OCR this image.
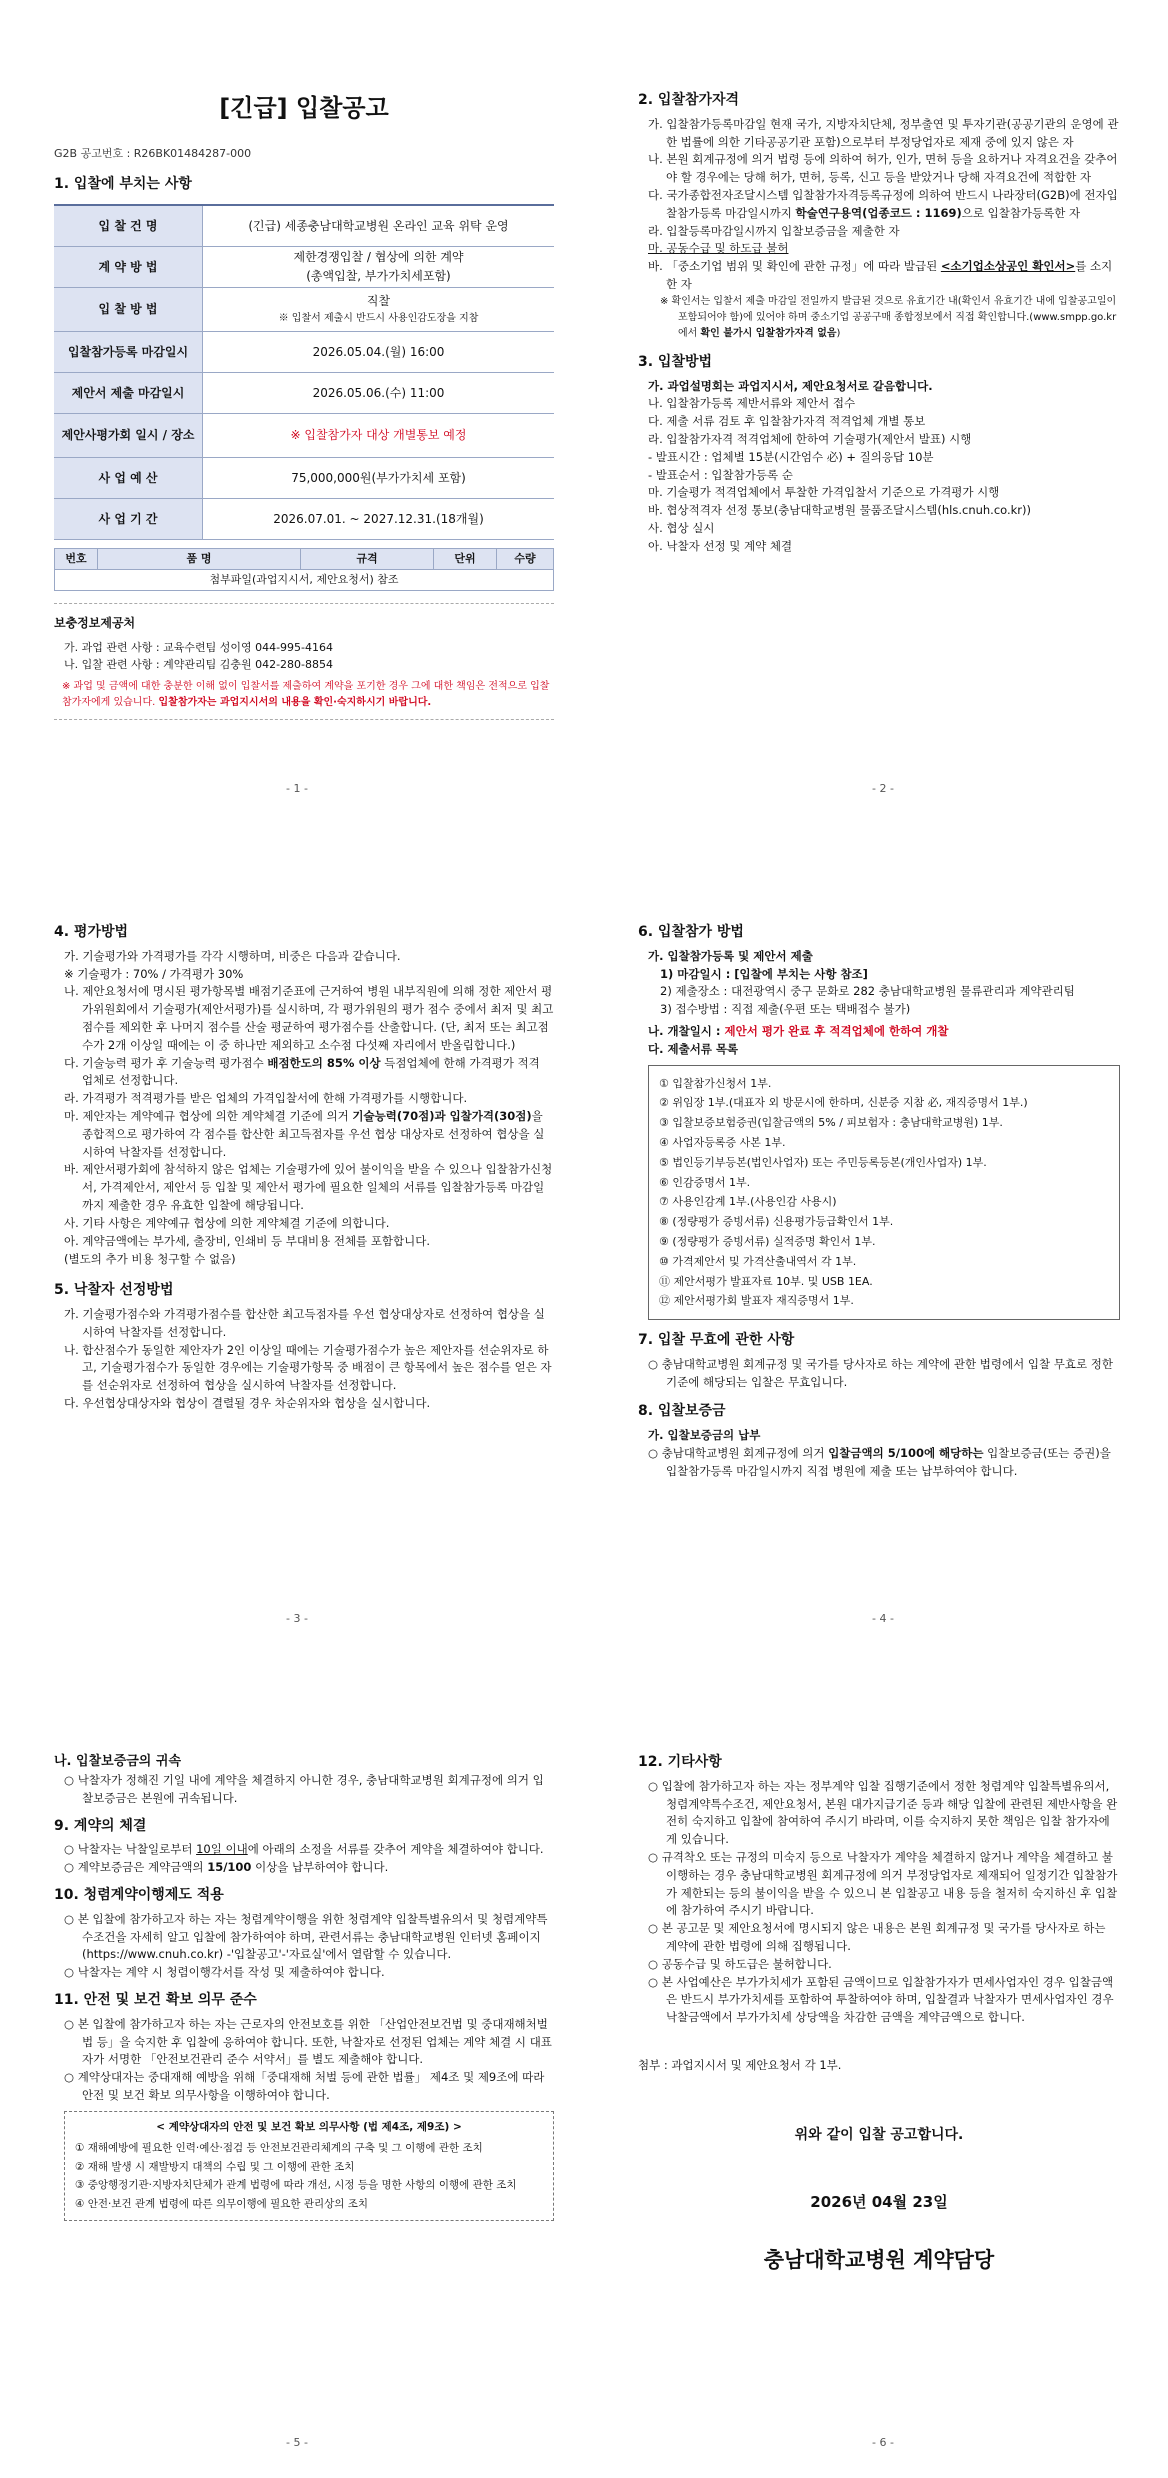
[긴급] 입찰공고
G2B 공고번호 : R26BK01484287-000
1. 입찰에 부치는 사항
입 찰 건 명	(긴급) 세종충남대학교병원 온라인 교육 위탁 운영
계 약 방 법	제한경쟁입찰 / 협상에 의한 계약
(총액입찰, 부가가치세포함)

입 찰 방 법	직찰
※ 입찰서 제출시 반드시 사용인감도장을 지참

입찰참가등록 마감일시	2026.05.04.(월) 16:00
제안서 제출 마감일시	2026.05.06.(수) 11:00
제안사평가회 일시 / 장소	※ 입찰참가자 대상 개별통보 예정
사 업 예 산	75,000,000원(부가가치세 포함)
사 업 기 간	2026.07.01. ~ 2027.12.31.(18개월)
번호	품 명	규격	단위	수량
첨부파일(과업지시서, 제안요청서) 참조
보충정보제공처
가. 과업 관련 사항 : 교육수련팀 성이영 044-995-4164
나. 입찰 관련 사항 : 계약관리팀 김충원 042-280-8854
※ 과업 및 금액에 대한 충분한 이해 없이 입찰서를 제출하여 계약을 포기한 경우 그에 대한 책임은 전적으로 입찰참가자에게 있습니다. 입찰참가자는 과업지시서의 내용을 확인·숙지하시기 바랍니다.
- 1 -
2. 입찰참가자격

가. 입찰참가등록마감일 현재 국가, 지방자치단체, 정부출연 및 투자기관(공공기관의 운영에 관한 법률에 의한 기타공공기관 포함)으로부터 부정당업자로 제재 중에 있지 않은 자

나. 본원 회계규정에 의거 법령 등에 의하여 허가, 인가, 면허 등을 요하거나 자격요건을 갖추어야 할 경우에는 당해 허가, 면허, 등록, 신고 등을 받았거나 당해 자격요건에 적합한 자

다. 국가종합전자조달시스템 입찰참가자격등록규정에 의하여 반드시 나라장터(G2B)에 전자입찰참가등록 마감일시까지 학술연구용역(업종코드 : 1169)으로 입찰참가등록한 자

라. 입찰등록마감일시까지 입찰보증금을 제출한 자

마. 공동수급 및 하도급 불허

바. 「중소기업 범위 및 확인에 관한 규정」에 따라 발급된 <소기업소상공인 확인서>를 소지한 자

※ 확인서는 입찰서 제출 마감일 전일까지 발급된 것으로 유효기간 내(확인서 유효기간 내에 입찰공고일이 포함되어야 함)에 있어야 하며 중소기업 공공구매 종합정보에서 직접 확인합니다.(www.smpp.go.kr에서 확인 불가시 입찰참가자격 없음)

3. 입찰방법

가. 과업설명회는 과업지시서, 제안요청서로 갈음합니다.

나. 입찰참가등록 제반서류와 제안서 접수

다. 제출 서류 검토 후 입찰참가자격 적격업체 개별 통보

라. 입찰참가자격 적격업체에 한하여 기술평가(제안서 발표) 시행

- 발표시간 : 업체별 15분(시간엄수 必) + 질의응답 10분

- 발표순서 : 입찰참가등록 순

마. 기술평가 적격업체에서 투찰한 가격입찰서 기준으로 가격평가 시행

바. 협상적격자 선정 통보(충남대학교병원 물품조달시스템(hls.cnuh.co.kr))

사. 협상 실시

아. 낙찰자 선정 및 계약 체결

- 2 -
4. 평가방법

가. 기술평가와 가격평가를 각각 시행하며, 비중은 다음과 같습니다.

※ 기술평가 : 70% / 가격평가 30%

나. 제안요청서에 명시된 평가항목별 배점기준표에 근거하여 병원 내부직원에 의해 정한 제안서 평가위원회에서 기술평가(제안서평가)를 실시하며, 각 평가위원의 평가 점수 중에서 최저 및 최고점수를 제외한 후 나머지 점수를 산술 평균하여 평가점수를 산출합니다. (단, 최저 또는 최고점수가 2개 이상일 때에는 이 중 하나만 제외하고 소수점 다섯째 자리에서 반올림합니다.)

다. 기술능력 평가 후 기술능력 평가점수 배점한도의 85% 이상 득점업체에 한해 가격평가 적격 업체로 선정합니다.

라. 가격평가 적격평가를 받은 업체의 가격입찰서에 한해 가격평가를 시행합니다.

마. 제안자는 계약예규 협상에 의한 계약체결 기준에 의거 기술능력(70점)과 입찰가격(30점)을 종합적으로 평가하여 각 점수를 합산한 최고득점자를 우선 협상 대상자로 선정하여 협상을 실시하여 낙찰자를 선정합니다.

바. 제안서평가회에 참석하지 않은 업체는 기술평가에 있어 불이익을 받을 수 있으나 입찰참가신청서, 가격제안서, 제안서 등 입찰 및 제안서 평가에 필요한 일체의 서류를 입찰참가등록 마감일까지 제출한 경우 유효한 입찰에 해당됩니다.

사. 기타 사항은 계약예규 협상에 의한 계약체결 기준에 의합니다.

아. 계약금액에는 부가세, 출장비, 인쇄비 등 부대비용 전체를 포함합니다.

(별도의 추가 비용 청구할 수 없음)

5. 낙찰자 선정방법

가. 기술평가점수와 가격평가점수를 합산한 최고득점자를 우선 협상대상자로 선정하여 협상을 실시하여 낙찰자를 선정합니다.

나. 합산점수가 동일한 제안자가 2인 이상일 때에는 기술평가점수가 높은 제안자를 선순위자로 하고, 기술평가점수가 동일한 경우에는 기술평가항목 중 배점이 큰 항목에서 높은 점수를 얻은 자를 선순위자로 선정하여 협상을 실시하여 낙찰자를 선정합니다.

다. 우선협상대상자와 협상이 결렬될 경우 차순위자와 협상을 실시합니다.

- 3 -
6. 입찰참가 방법

가. 입찰참가등록 및 제안서 제출

1) 마감일시 : [입찰에 부치는 사항 참조]

2) 제출장소 : 대전광역시 중구 문화로 282 충남대학교병원 물류관리과 계약관리팀

3) 접수방법 : 직접 제출(우편 또는 택배접수 불가)

나. 개찰일시 : 제안서 평가 완료 후 적격업체에 한하여 개찰

다. 제출서류 목록

① 입찰참가신청서 1부.
② 위임장 1부.(대표자 외 방문시에 한하며, 신분증 지참 必, 재직증명서 1부.)
③ 입찰보증보험증권(입찰금액의 5% / 피보험자 : 충남대학교병원) 1부.
④ 사업자등록증 사본 1부.
⑤ 법인등기부등본(법인사업자) 또는 주민등록등본(개인사업자) 1부.
⑥ 인감증명서 1부.
⑦ 사용인감계 1부.(사용인감 사용시)
⑧ (정량평가 증빙서류) 신용평가등급확인서 1부.
⑨ (정량평가 증빙서류) 실적증명 확인서 1부.
⑩ 가격제안서 및 가격산출내역서 각 1부.
⑪ 제안서평가 발표자료 10부. 및 USB 1EA.
⑫ 제안서평가회 발표자 재직증명서 1부.
7. 입찰 무효에 관한 사항

○ 충남대학교병원 회계규정 및 국가를 당사자로 하는 계약에 관한 법령에서 입찰 무효로 정한 기준에 해당되는 입찰은 무효입니다.

8. 입찰보증금

가. 입찰보증금의 납부

○ 충남대학교병원 회계규정에 의거 입찰금액의 5/100에 해당하는 입찰보증금(또는 증권)을 입찰참가등록 마감일시까지 직접 병원에 제출 또는 납부하여야 합니다.

- 4 -
나. 입찰보증금의 귀속

○ 낙찰자가 정해진 기일 내에 계약을 체결하지 아니한 경우, 충남대학교병원 회계규정에 의거 입찰보증금은 본원에 귀속됩니다.

9. 계약의 체결

○ 낙찰자는 낙찰일로부터 10일 이내에 아래의 소정을 서류를 갖추어 계약을 체결하여야 합니다.

○ 계약보증금은 계약금액의 15/100 이상을 납부하여야 합니다.

10. 청렴계약이행제도 적용

○ 본 입찰에 참가하고자 하는 자는 청렴계약이행을 위한 청렴계약 입찰특별유의서 및 청렴계약특수조건을 자세히 알고 입찰에 참가하여야 하며, 관련서류는 충남대학교병원 인터넷 홈페이지(https://www.cnuh.co.kr) -'입찰공고'-'자료실'에서 열람할 수 있습니다.

○ 낙찰자는 계약 시 청렴이행각서를 작성 및 제출하여야 합니다.

11. 안전 및 보건 확보 의무 준수

○ 본 입찰에 참가하고자 하는 자는 근로자의 안전보호를 위한 「산업안전보건법 및 중대재해처벌법 등」을 숙지한 후 입찰에 응하여야 합니다. 또한, 낙찰자로 선정된 업체는 계약 체결 시 대표자가 서명한 「안전보건관리 준수 서약서」를 별도 제출해야 합니다.

○ 계약상대자는 중대재해 예방을 위해「중대재해 처벌 등에 관한 법률」 제4조 및 제9조에 따라 안전 및 보건 확보 의무사항을 이행하여야 합니다.

< 계약상대자의 안전 및 보건 확보 의무사항 (법 제4조, 제9조) >
① 재해예방에 필요한 인력·예산·점검 등 안전보건관리체계의 구축 및 그 이행에 관한 조치
② 재해 발생 시 재발방지 대책의 수립 및 그 이행에 관한 조치
③ 중앙행정기관·지방자치단체가 관계 법령에 따라 개선, 시정 등을 명한 사항의 이행에 관한 조치
④ 안전·보건 관계 법령에 따른 의무이행에 필요한 관리상의 조치
- 5 -
12. 기타사항

○ 입찰에 참가하고자 하는 자는 정부계약 입찰 집행기준에서 정한 청렴계약 입찰특별유의서, 청렴계약특수조건, 제안요청서, 본원 대가지급기준 등과 해당 입찰에 관련된 제반사항을 완전히 숙지하고 입찰에 참여하여 주시기 바라며, 이를 숙지하지 못한 책임은 입찰 참가자에게 있습니다.

○ 규격착오 또는 규정의 미숙지 등으로 낙찰자가 계약을 체결하지 않거나 계약을 체결하고 불이행하는 경우 충남대학교병원 회계규정에 의거 부정당업자로 제재되어 일정기간 입찰참가가 제한되는 등의 불이익을 받을 수 있으니 본 입찰공고 내용 등을 철저히 숙지하신 후 입찰에 참가하여 주시기 바랍니다.

○ 본 공고문 및 제안요청서에 명시되지 않은 내용은 본원 회계규정 및 국가를 당사자로 하는 계약에 관한 법령에 의해 집행됩니다.

○ 공동수급 및 하도급은 불허합니다.

○ 본 사업예산은 부가가치세가 포함된 금액이므로 입찰참가자가 면세사업자인 경우 입찰금액은 반드시 부가가치세를 포함하여 투찰하여야 하며, 입찰결과 낙찰자가 면세사업자인 경우 낙찰금액에서 부가가치세 상당액을 차감한 금액을 계약금액으로 합니다.

첨부 : 과업지시서 및 제안요청서 각 1부.

위와 같이 입찰 공고합니다.
2026년 04월 23일
충남대학교병원 계약담당
- 6 -
